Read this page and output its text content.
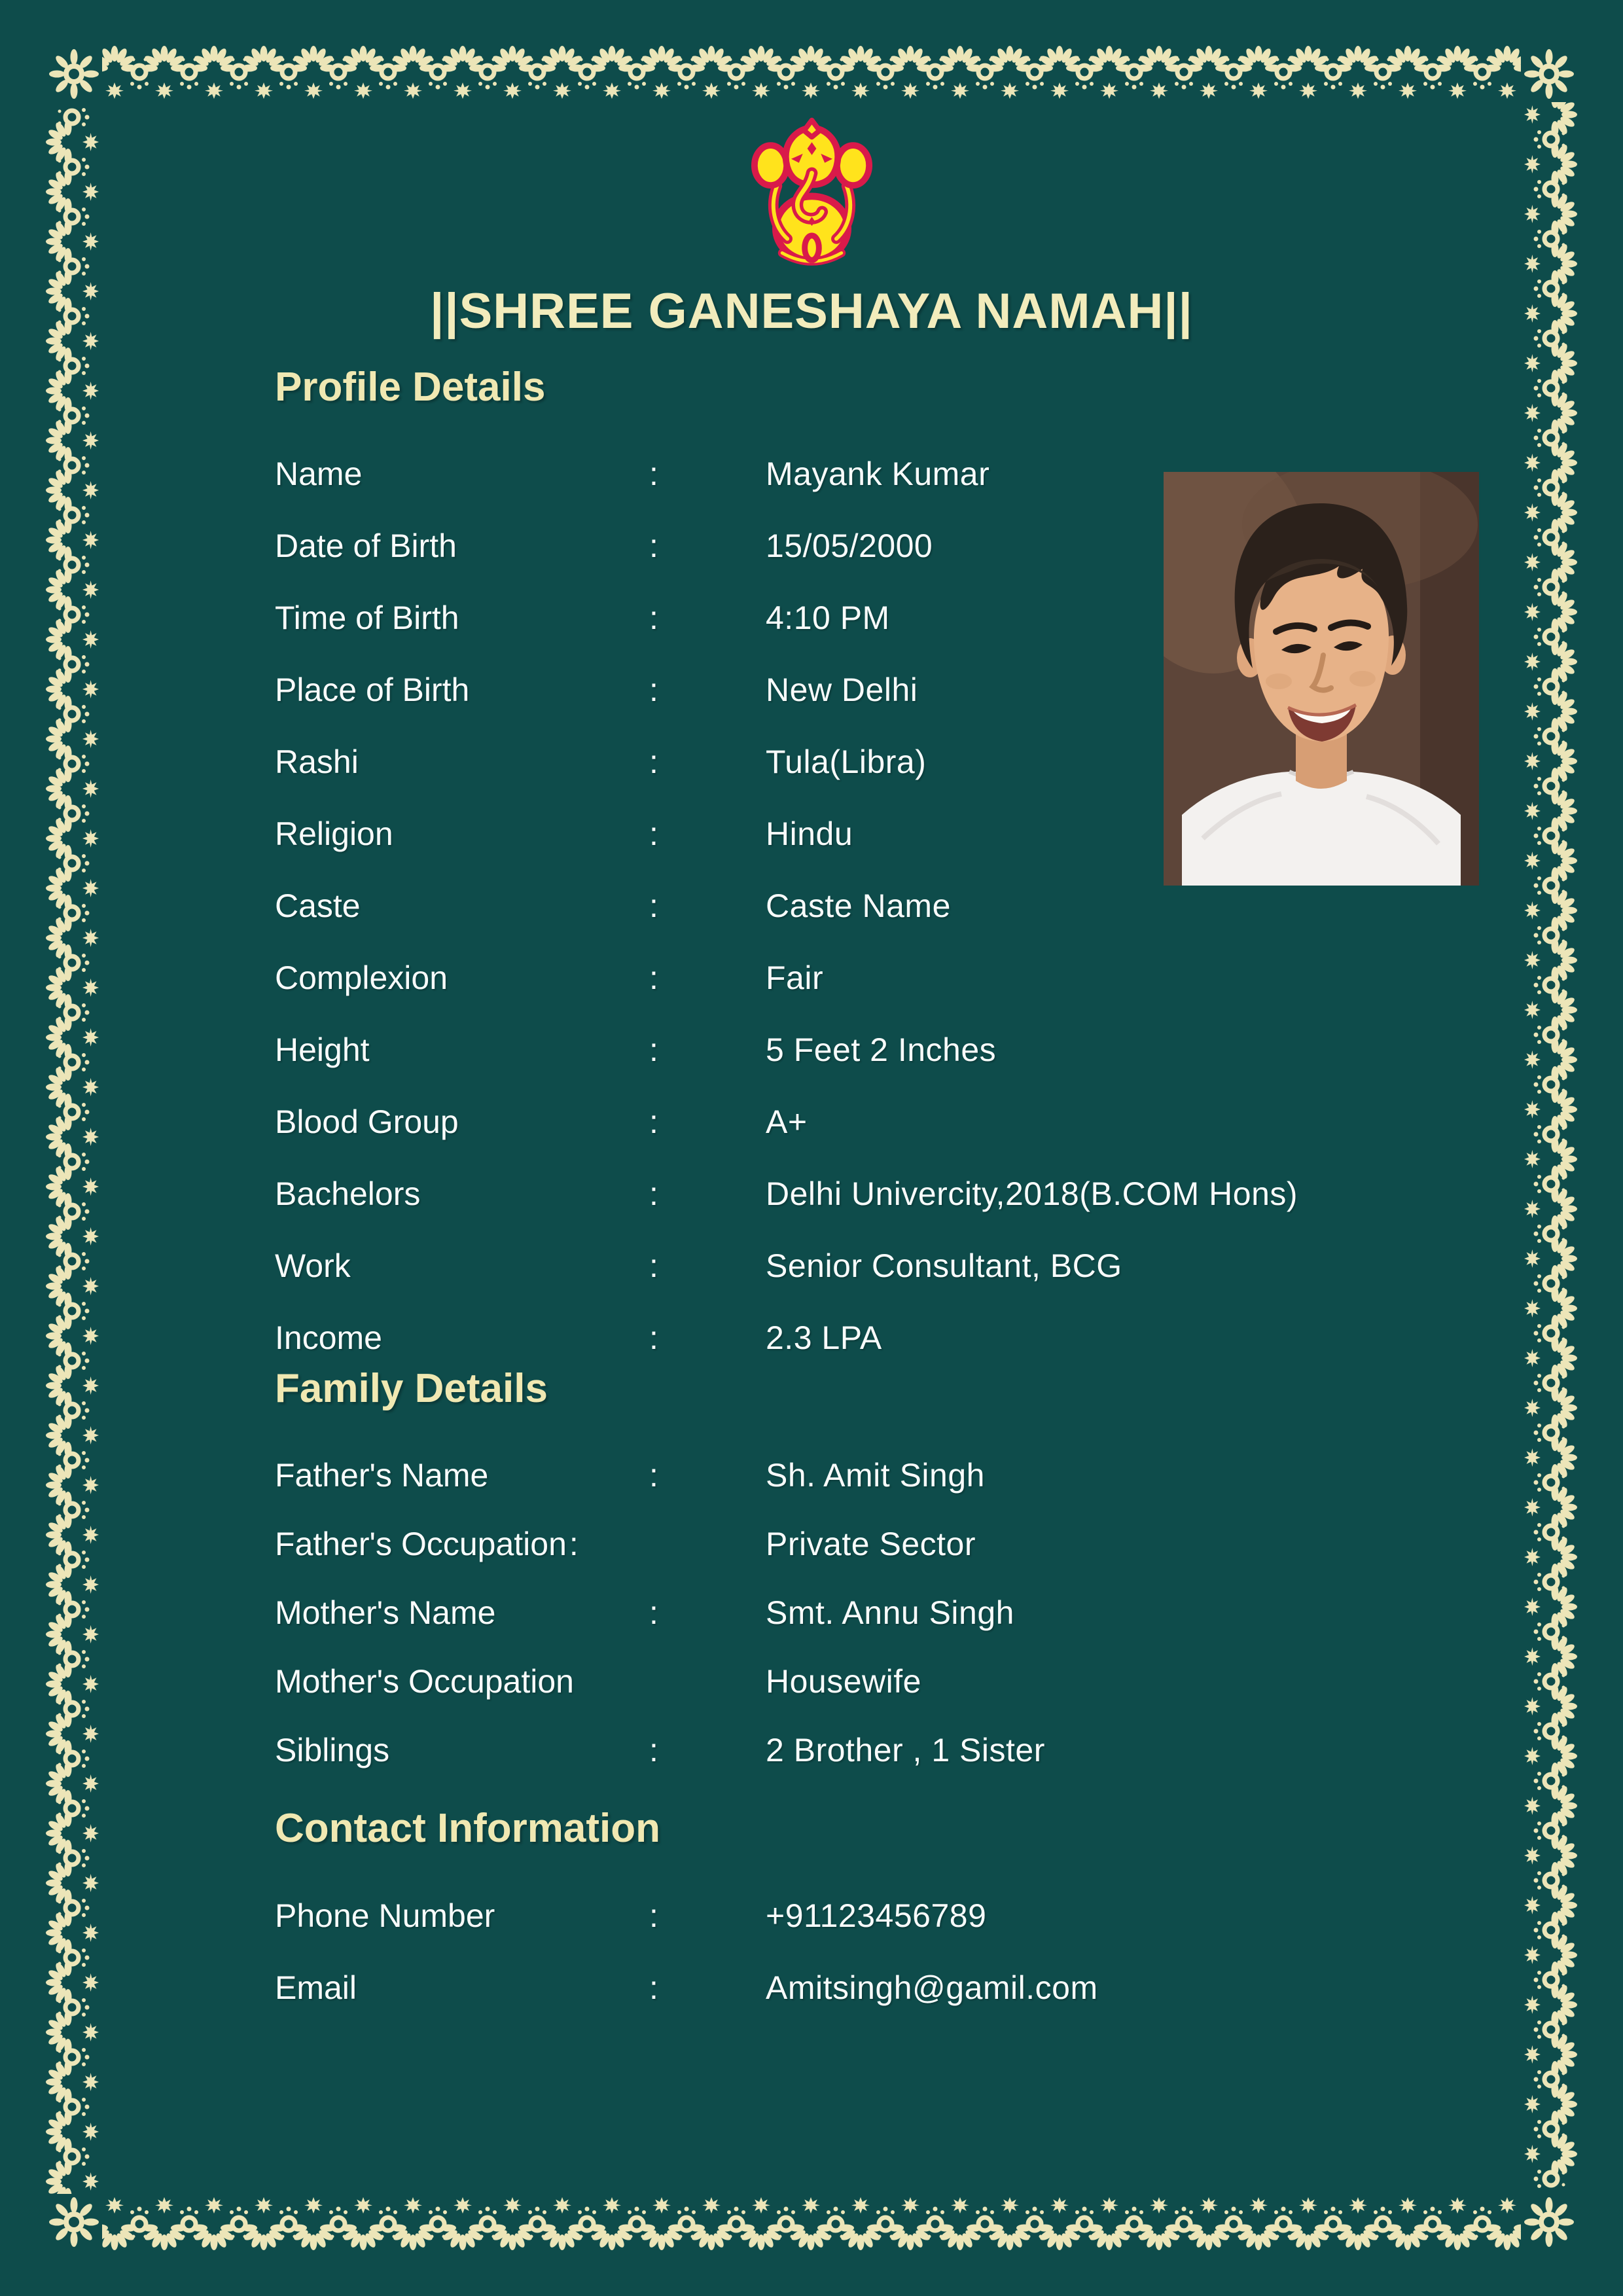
||SHREE GANESHAYA NAMAH||
Profile Details
Family Details
Contact Information
Name	:	Mayank Kumar
Date of Birth	:	15/05/2000
Time of Birth	:	4:10 PM
Place of Birth	:	New Delhi
Rashi	:	Tula(Libra)
Religion	:	Hindu
Caste	:	Caste Name
Complexion	:	Fair
Height	:	5 Feet 2 Inches
Blood Group	:	A+
Bachelors	:	Delhi Univercity,2018(B.COM Hons)
Work	:	Senior Consultant, BCG
Income	:	2.3 LPA
Father's Name	:	Sh. Amit Singh
Father's Occupation:	Private Sector
Mother's Name	:	Smt. Annu Singh
Mother's Occupation	Housewife
Siblings	:	2 Brother , 1 Sister
Phone Number	:	+91123456789
Email	:	Amitsingh@gamil.com
